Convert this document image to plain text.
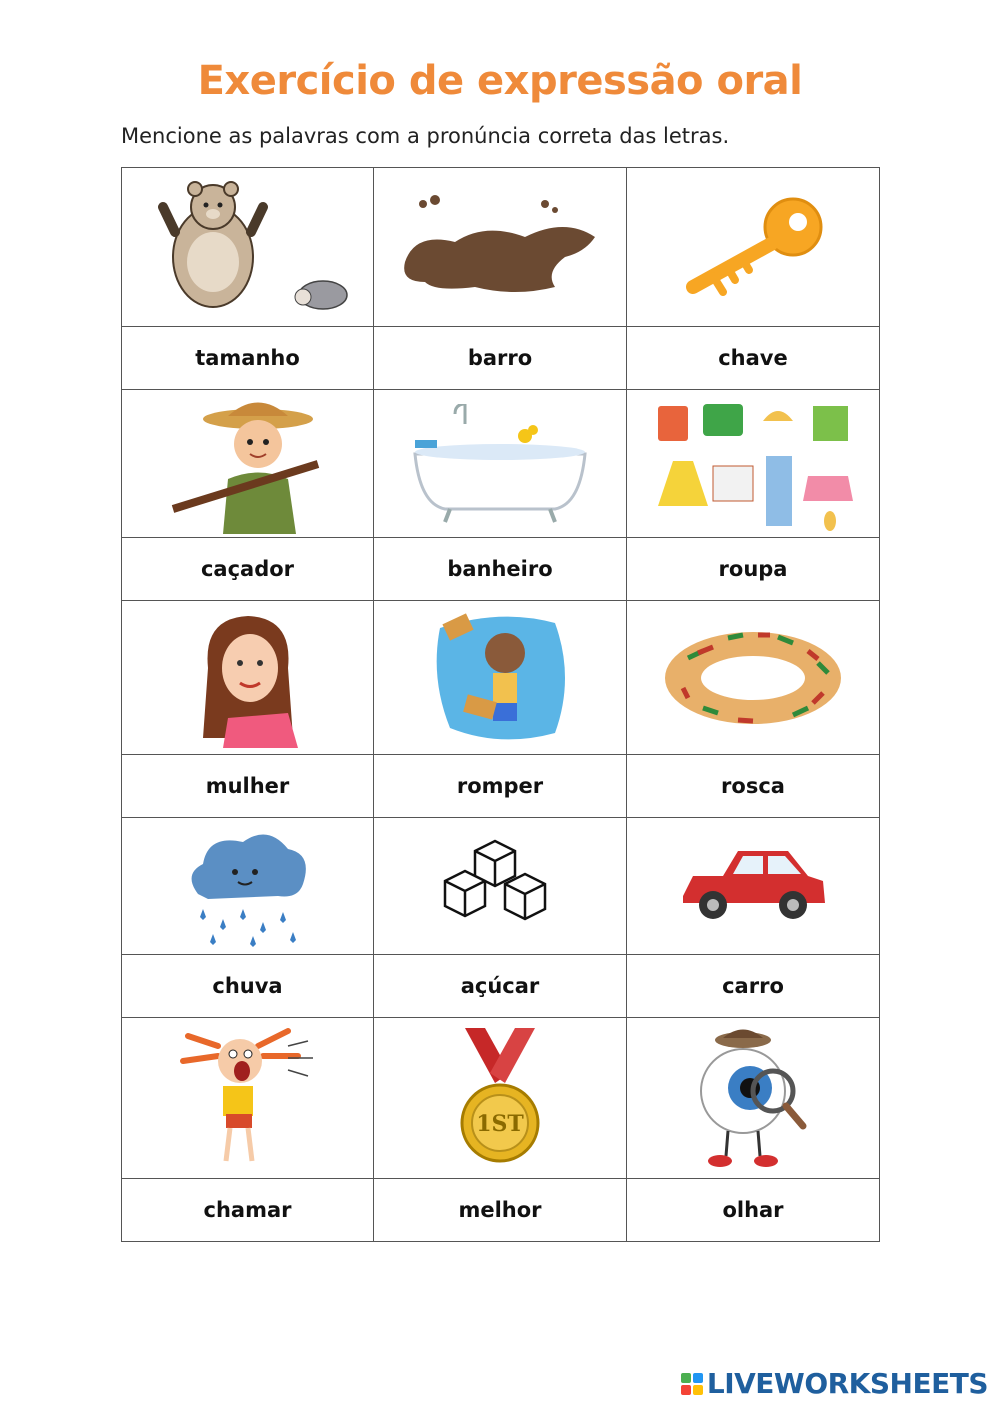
Exercício de expressão oral
Mencione as palavras com a pronúncia correta das letras.

tamanho	barro	chave

caçador	banheiro	roupa

mulher	romper	rosca

chuva	açúcar	carro

1ST

chamar	melhor	olhar
LIVEWORKSHEETS
